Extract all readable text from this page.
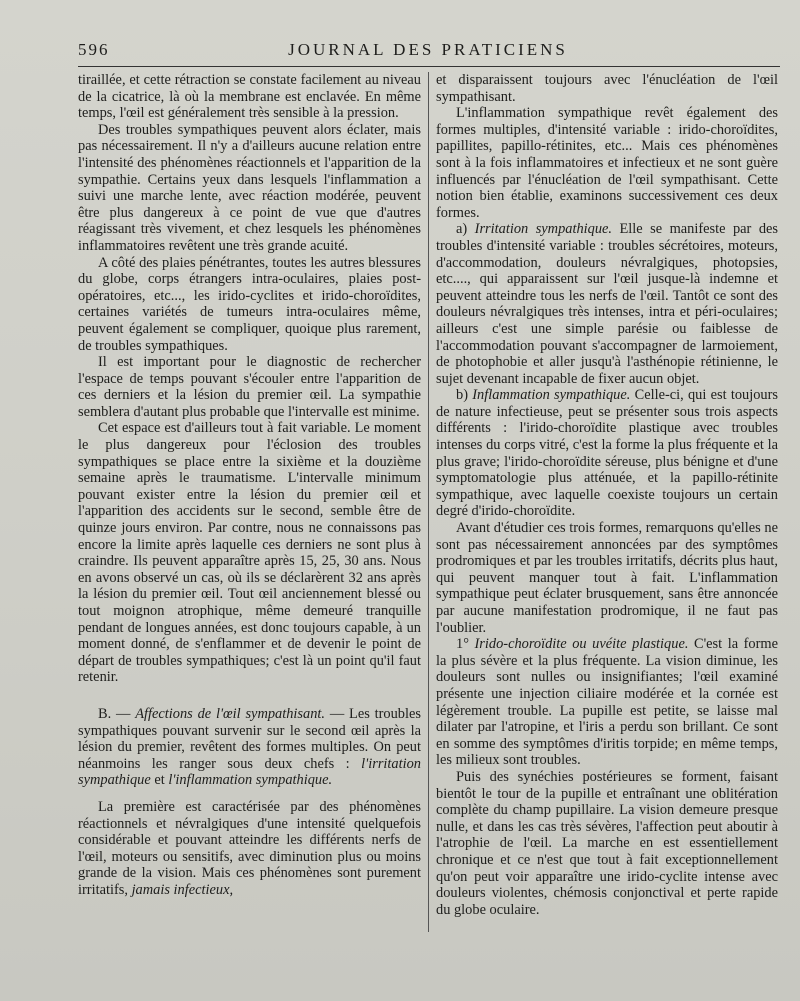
596	JOURNAL DES PRATICIENS

tiraillée, et cette rétraction se constate facilement au niveau de la cicatrice, là où la membrane est enclavée. En même temps, l'œil est généralement très sensible à la pression.

Des troubles sympathiques peuvent alors éclater, mais pas nécessairement. Il n'y a d'ailleurs aucune relation entre l'intensité des phénomènes réactionnels et l'apparition de la sympathie. Certains yeux dans lesquels l'inflammation a suivi une marche lente, avec réaction modérée, peuvent être plus dangereux à ce point de vue que d'autres réagissant très vivement, et chez lesquels les phénomènes inflammatoires revêtent une très grande acuité.

A côté des plaies pénétrantes, toutes les autres blessures du globe, corps étrangers intra-oculaires, plaies post-opératoires, etc..., les irido-cyclites et irido-choroïdites, certaines variétés de tumeurs intra-oculaires même, peuvent également se compliquer, quoique plus rarement, de troubles sympathiques.

Il est important pour le diagnostic de rechercher l'espace de temps pouvant s'écouler entre l'apparition de ces derniers et la lésion du premier œil. La sympathie semblera d'autant plus probable que l'intervalle est minime.

Cet espace est d'ailleurs tout à fait variable. Le moment le plus dangereux pour l'éclosion des troubles sympathiques se place entre la sixième et la douzième semaine après le traumatisme. L'intervalle minimum pouvant exister entre la lésion du premier œil et l'apparition des accidents sur le second, semble être de quinze jours environ. Par contre, nous ne connaissons pas encore la limite après laquelle ces derniers ne sont plus à craindre. Ils peuvent apparaître après 15, 25, 30 ans. Nous en avons observé un cas, où ils se déclarèrent 32 ans après la lésion du premier œil. Tout œil anciennement blessé ou tout moignon atrophique, même demeuré tranquille pendant de longues années, est donc toujours capable, à un moment donné, de s'enflammer et de devenir le point de départ de troubles sympathiques; c'est là un point qu'il faut retenir.

B. — Affections de l'œil sympathisant. — Les troubles sympathiques pouvant survenir sur le second œil après la lésion du premier, revêtent des formes multiples. On peut néanmoins les ranger sous deux chefs : l'irritation sympathique et l'inflammation sympathique.

La première est caractérisée par des phénomènes réactionnels et névralgiques d'une intensité quelquefois considérable et pouvant atteindre les différents nerfs de l'œil, moteurs ou sensitifs, avec diminution plus ou moins grande de la vision. Mais ces phénomènes sont purement irritatifs, jamais infectieux,

et disparaissent toujours avec l'énucléation de l'œil sympathisant.

L'inflammation sympathique revêt également des formes multiples, d'intensité variable : irido-choroïdites, papillites, papillo-rétinites, etc... Mais ces phénomènes sont à la fois inflammatoires et infectieux et ne sont guère influencés par l'énucléation de l'œil sympathisant. Cette notion bien établie, examinons successivement ces deux formes.

a) Irritation sympathique. Elle se manifeste par des troubles d'intensité variable : troubles sécrétoires, moteurs, d'accommodation, douleurs névralgiques, photopsies, etc...., qui apparaissent sur l'œil jusque-là indemne et peuvent atteindre tous les nerfs de l'œil. Tantôt ce sont des douleurs névralgiques très intenses, intra et péri-oculaires; ailleurs c'est une simple parésie ou faiblesse de l'accommodation pouvant s'accompagner de larmoiement, de photophobie et aller jusqu'à l'asthénopie rétinienne, le sujet devenant incapable de fixer aucun objet.

b) Inflammation sympathique. Celle-ci, qui est toujours de nature infectieuse, peut se présenter sous trois aspects différents : l'irido-choroïdite plastique avec troubles intenses du corps vitré, c'est la forme la plus fréquente et la plus grave; l'irido-choroïdite séreuse, plus bénigne et d'une symptomatologie plus atténuée, et la papillo-rétinite sympathique, avec laquelle coexiste toujours un certain degré d'irido-choroïdite.

Avant d'étudier ces trois formes, remarquons qu'elles ne sont pas nécessairement annoncées par des symptômes prodromiques et par les troubles irritatifs, décrits plus haut, qui peuvent manquer tout à fait. L'inflammation sympathique peut éclater brusquement, sans être annoncée par aucune manifestation prodromique, il ne faut pas l'oublier.

1° Irido-choroïdite ou uvéite plastique. C'est la forme la plus sévère et la plus fréquente. La vision diminue, les douleurs sont nulles ou insignifiantes; l'œil examiné présente une injection ciliaire modérée et la cornée est légèrement trouble. La pupille est petite, se laisse mal dilater par l'atropine, et l'iris a perdu son brillant. Ce sont en somme des symptômes d'iritis torpide; en même temps, les milieux sont troubles.

Puis des synéchies postérieures se forment, faisant bientôt le tour de la pupille et entraînant une oblitération complète du champ pupillaire. La vision demeure presque nulle, et dans les cas très sévères, l'affection peut aboutir à l'atrophie de l'œil. La marche en est essentiellement chronique et ce n'est que tout à fait exceptionnellement qu'on peut voir apparaître une irido-cyclite intense avec douleurs violentes, chémosis conjonctival et perte rapide du globe oculaire.
